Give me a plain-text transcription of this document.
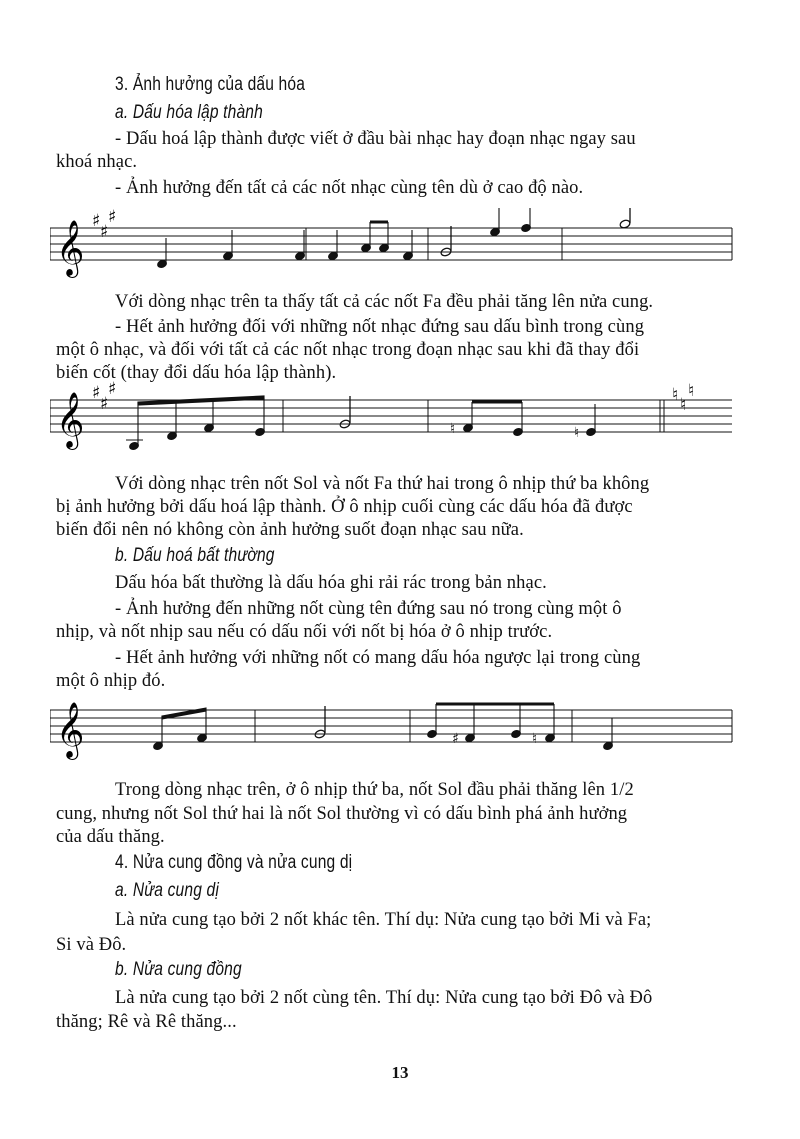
3. Ảnh hưởng của dấu hóa
a. Dấu hóa lập thành
- Dấu hoá lập thành được viết ở đầu bài nhạc hay đoạn nhạc ngay sau
khoá nhạc.
- Ảnh hưởng đến tất cả các nốt nhạc cùng tên dù ở cao độ nào.
𝄞 ♯
♯
♯
Với dòng nhạc trên ta thấy tất cả các nốt Fa đều phải tăng lên nửa cung.
- Hết ảnh hưởng đối với những nốt nhạc đứng sau dấu bình trong cùng
một ô nhạc, và đối với tất cả các nốt nhạc trong đoạn nhạc sau khi đã thay đổi
biến cốt (thay đổi dấu hóa lập thành).
𝄞 ♯
♯
♯	♮ ♮
♮
♮	♮
Với dòng nhạc trên nốt Sol và nốt Fa thứ hai trong ô nhịp thứ ba không
bị ảnh hưởng bởi dấu hoá lập thành. Ở ô nhịp cuối cùng các dấu hóa đã được
biến đổi nên nó không còn ảnh hưởng suốt đoạn nhạc sau nữa.
b. Dấu hoá bất thường
Dấu hóa bất thường là dấu hóa ghi rải rác trong bản nhạc.
- Ảnh hưởng đến những nốt cùng tên đứng sau nó trong cùng một ô
nhịp, và nốt nhịp sau nếu có dấu nối với nốt bị hóa ở ô nhịp trước.
- Hết ảnh hưởng với những nốt có mang dấu hóa ngược lại trong cùng
một ô nhịp đó.
𝄞	♯	♮
Trong dòng nhạc trên, ở ô nhịp thứ ba, nốt Sol đầu phải thăng lên 1/2
cung, nhưng nốt Sol thứ hai là nốt Sol thường vì có dấu bình phá ảnh hưởng
của dấu thăng.
4. Nửa cung đồng và nửa cung dị
a. Nửa cung dị
Là nửa cung tạo bởi 2 nốt khác tên. Thí dụ: Nửa cung tạo bởi Mi và Fa;
Si và Đô.
b. Nửa cung đồng
Là nửa cung tạo bởi 2 nốt cùng tên. Thí dụ: Nửa cung tạo bởi Đô và Đô
thăng; Rê và Rê thăng...
13
